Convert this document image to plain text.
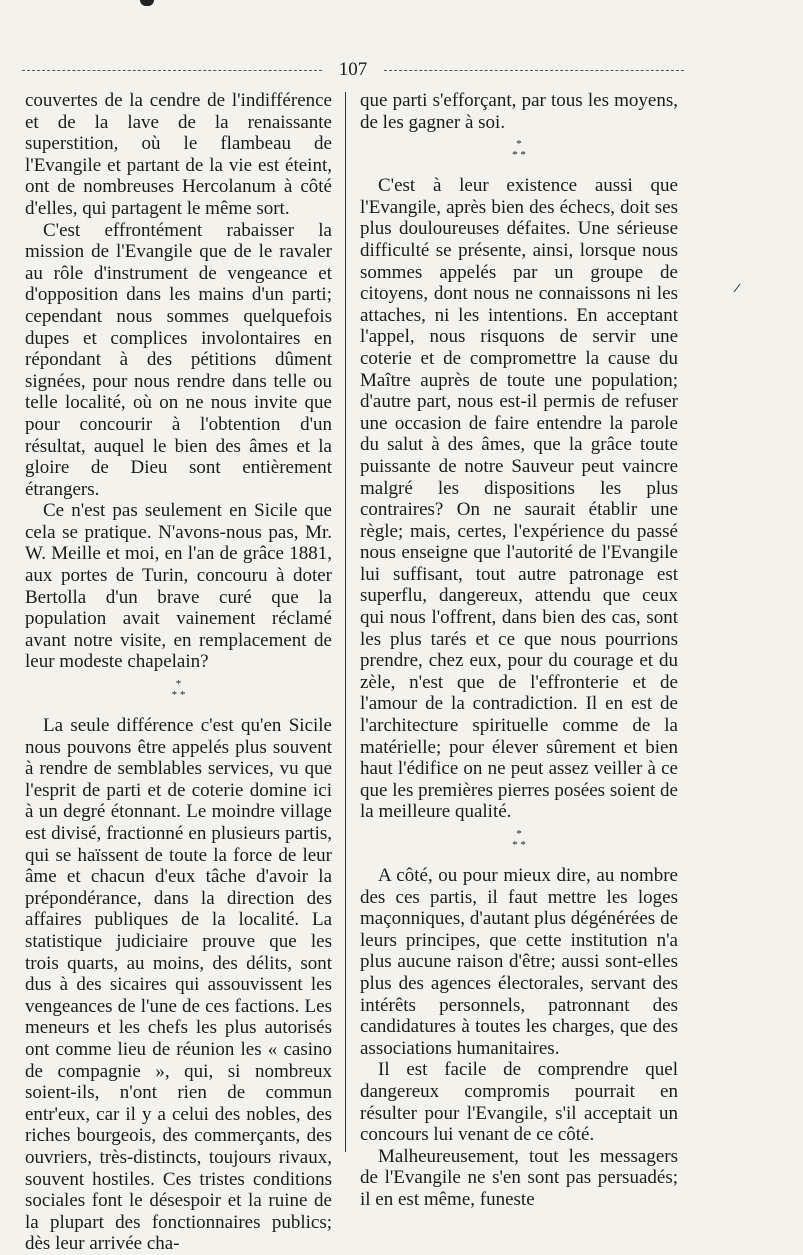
107

couvertes de la cendre de l'indifférence et de la lave de la renaissante superstition, où le flambeau de l'Evangile et partant de la vie est éteint, ont de nombreuses Hercolanum à côté d'elles, qui partagent le même sort.

C'est effrontément rabaisser la mission de l'Evangile que de le ravaler au rôle d'instrument de vengeance et d'opposition dans les mains d'un parti; cependant nous sommes quelquefois dupes et complices involontaires en répondant à des pétitions dûment signées, pour nous rendre dans telle ou telle localité, où on ne nous invite que pour concourir à l'obtention d'un résultat, auquel le bien des âmes et la gloire de Dieu sont entièrement étrangers.

Ce n'est pas seulement en Sicile que cela se pratique. N'avons-nous pas, Mr. W. Meille et moi, en l'an de grâce 1881, aux portes de Turin, concouru à doter Bertolla d'un brave curé que la population avait vainement réclamé avant notre visite, en remplacement de leur modeste chapelain?

*
* *

La seule différence c'est qu'en Sicile nous pouvons être appelés plus souvent à rendre de semblables services, vu que l'esprit de parti et de coterie domine ici à un degré étonnant. Le moindre village est divisé, fractionné en plusieurs partis, qui se haïssent de toute la force de leur âme et chacun d'eux tâche d'avoir la prépondérance, dans la direction des affaires publiques de la localité. La statistique judiciaire prouve que les trois quarts, au moins, des délits, sont dus à des sicaires qui assouvissent les vengeances de l'une de ces factions. Les meneurs et les chefs les plus autorisés ont comme lieu de réunion les « casino de compagnie », qui, si nombreux soient-ils, n'ont rien de commun entr'eux, car il y a celui des nobles, des riches bourgeois, des commerçants, des ouvriers, très-distincts, toujours rivaux, souvent hostiles. Ces tristes conditions sociales font le désespoir et la ruine de la plupart des fonctionnaires publics; dès leur arrivée cha-

que parti s'efforçant, par tous les moyens, de les gagner à soi.

*
* *

C'est à leur existence aussi que l'Evangile, après bien des échecs, doit ses plus douloureuses défaites. Une sérieuse difficulté se présente, ainsi, lorsque nous sommes appelés par un groupe de citoyens, dont nous ne connaissons ni les attaches, ni les intentions. En acceptant l'appel, nous risquons de servir une coterie et de compromettre la cause du Maître auprès de toute une population; d'autre part, nous est-il permis de refuser une occasion de faire entendre la parole du salut à des âmes, que la grâce toute puissante de notre Sauveur peut vaincre malgré les dispositions les plus contraires? On ne saurait établir une règle; mais, certes, l'expérience du passé nous enseigne que l'autorité de l'Evangile lui suffisant, tout autre patronage est superflu, dangereux, attendu que ceux qui nous l'offrent, dans bien des cas, sont les plus tarés et ce que nous pourrions prendre, chez eux, pour du courage et du zèle, n'est que de l'effronterie et de l'amour de la contradiction. Il en est de l'architecture spirituelle comme de la matérielle; pour élever sûrement et bien haut l'édifice on ne peut assez veiller à ce que les premières pierres posées soient de la meilleure qualité.

*
* *

A côté, ou pour mieux dire, au nombre des ces partis, il faut mettre les loges maçonniques, d'autant plus dégénérées de leurs principes, que cette institution n'a plus aucune raison d'être; aussi sont-elles plus des agences électorales, servant des intérêts personnels, patronnant des candidatures à toutes les charges, que des associations humanitaires.

Il est facile de comprendre quel dangereux compromis pourrait en résulter pour l'Evangile, s'il acceptait un concours lui venant de ce côté.

Malheureusement, tout les messagers de l'Evangile ne s'en sont pas persuadés; il en est même, funeste
